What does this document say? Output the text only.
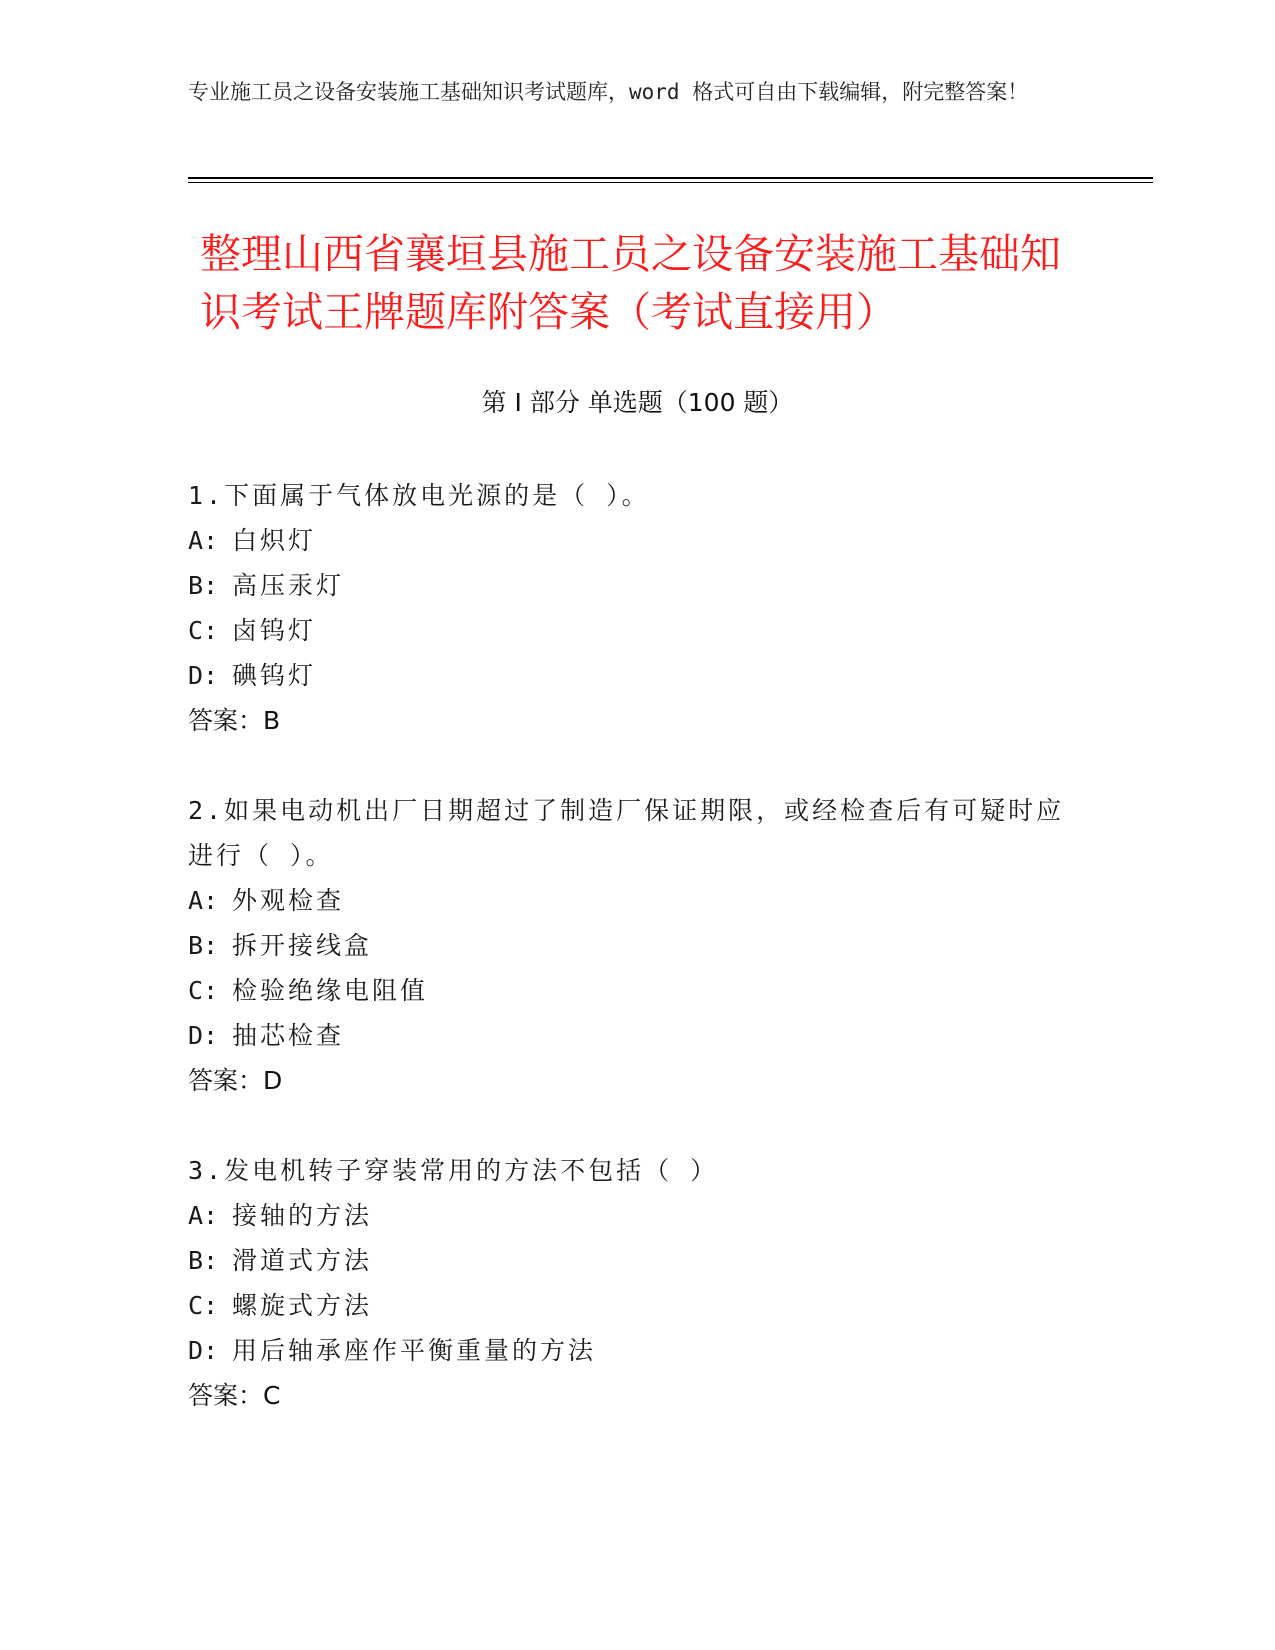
专业施工员之设备安装施工基础知识考试题库，word 格式可自由下载编辑，附完整答案！
整理山西省襄垣县施工员之设备安装施工基础知识考试王牌题库附答案（考试直接用）
第 I 部分 单选题（100 题）
1.下面属于气体放电光源的是（ ）。
A: 白炽灯
B: 高压汞灯
C: 卤钨灯
D: 碘钨灯
答案：B
2.如果电动机出厂日期超过了制造厂保证期限，或经检查后有可疑时应进行（ ）。
A: 外观检查
B: 拆开接线盒
C: 检验绝缘电阻值
D: 抽芯检查
答案：D
3.发电机转子穿装常用的方法不包括（ ）
A: 接轴的方法
B: 滑道式方法
C: 螺旋式方法
D: 用后轴承座作平衡重量的方法
答案：C
